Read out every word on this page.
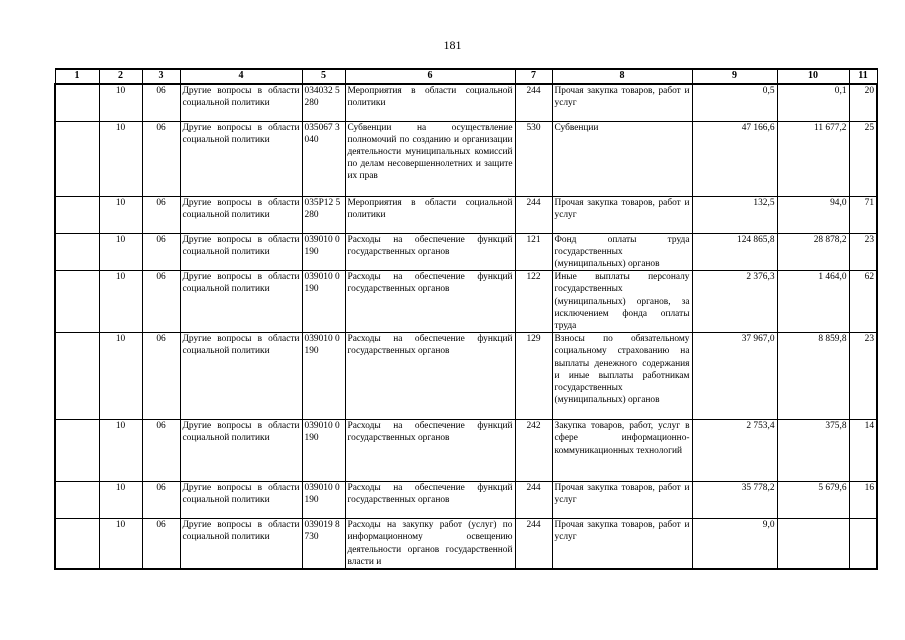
181
1	2	3	4	5	6	7	8	9	10	11
	10	06	Другие вопросы в области социальной политики	034032 5280	Мероприятия в области социальной политики	244	Прочая закупка товаров, работ и услуг	0,5	0,1	20
	10	06	Другие вопросы в области социальной политики	035067 3040	Субвенции на осуществление полномочий по созданию и организации деятельности муниципальных комиссий по делам несовершеннолетних и защите их прав	530	Субвенции	47 166,6	11 677,2	25
	10	06	Другие вопросы в области социальной политики	035Р12 5280	Мероприятия в области социальной политики	244	Прочая закупка товаров, работ и услуг	132,5	94,0	71
	10	06	Другие вопросы в области социальной политики	039010 0190	Расходы на обеспечение функций государственных органов	121	Фонд оплаты труда государственных (муниципальных) органов	124 865,8	28 878,2	23
	10	06	Другие вопросы в области социальной политики	039010 0190	Расходы на обеспечение функций государственных органов	122	Иные выплаты персоналу государственных (муниципальных) органов, за исключением фонда оплаты труда	2 376,3	1 464,0	62
	10	06	Другие вопросы в области социальной политики	039010 0190	Расходы на обеспечение функций государственных органов	129	Взносы по обязательному социальному страхованию на выплаты денежного содержания и иные выплаты работникам государственных (муниципальных) органов	37 967,0	8 859,8	23
	10	06	Другие вопросы в области социальной политики	039010 0190	Расходы на обеспечение функций государственных органов	242	Закупка товаров, работ, услуг в сфере информационно-коммуникационных технологий	2 753,4	375,8	14
	10	06	Другие вопросы в области социальной политики	039010 0190	Расходы на обеспечение функций государственных органов	244	Прочая закупка товаров, работ и услуг	35 778,2	5 679,6	16
	10	06	Другие вопросы в области социальной политики	039019 8730	Расходы на закупку работ (услуг) по информационному освещению деятельности органов государственной власти и	244	Прочая закупка товаров, работ и услуг	9,0		
